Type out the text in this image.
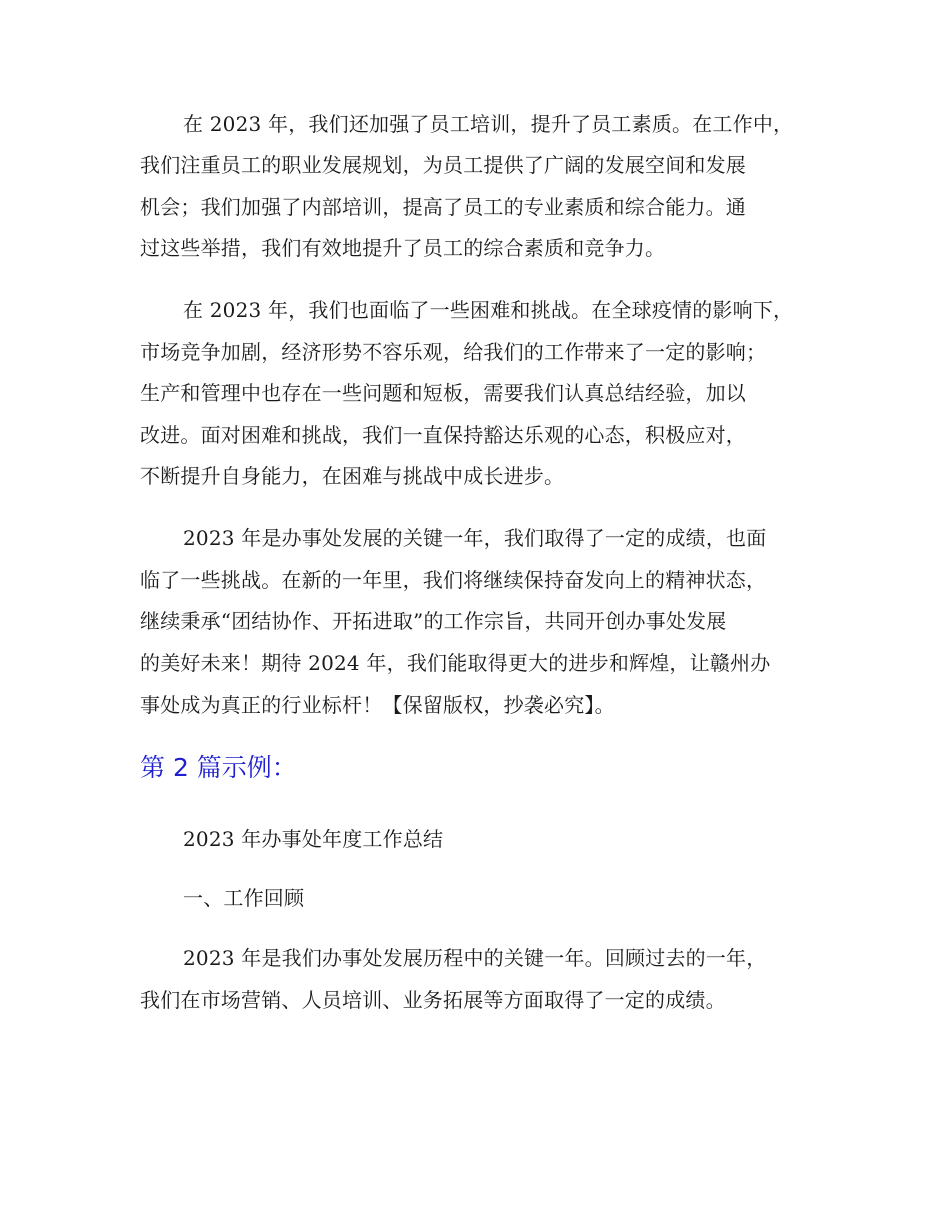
在 2023 年，我们还加强了员工培训，提升了员工素质。在工作中，
我们注重员工的职业发展规划，为员工提供了广阔的发展空间和发展
机会；我们加强了内部培训，提高了员工的专业素质和综合能力。通
过这些举措，我们有效地提升了员工的综合素质和竞争力。
在 2023 年，我们也面临了一些困难和挑战。在全球疫情的影响下，
市场竞争加剧，经济形势不容乐观，给我们的工作带来了一定的影响；
生产和管理中也存在一些问题和短板，需要我们认真总结经验，加以
改进。面对困难和挑战，我们一直保持豁达乐观的心态，积极应对，
不断提升自身能力，在困难与挑战中成长进步。
2023 年是办事处发展的关键一年，我们取得了一定的成绩，也面
临了一些挑战。在新的一年里，我们将继续保持奋发向上的精神状态，
继续秉承“团结协作、开拓进取”的工作宗旨，共同开创办事处发展
的美好未来！期待 2024 年，我们能取得更大的进步和辉煌，让赣州办
事处成为真正的行业标杆！【保留版权，抄袭必究】。
第 2 篇示例：
2023 年办事处年度工作总结
一、工作回顾
2023 年是我们办事处发展历程中的关键一年。回顾过去的一年，
我们在市场营销、人员培训、业务拓展等方面取得了一定的成绩。
